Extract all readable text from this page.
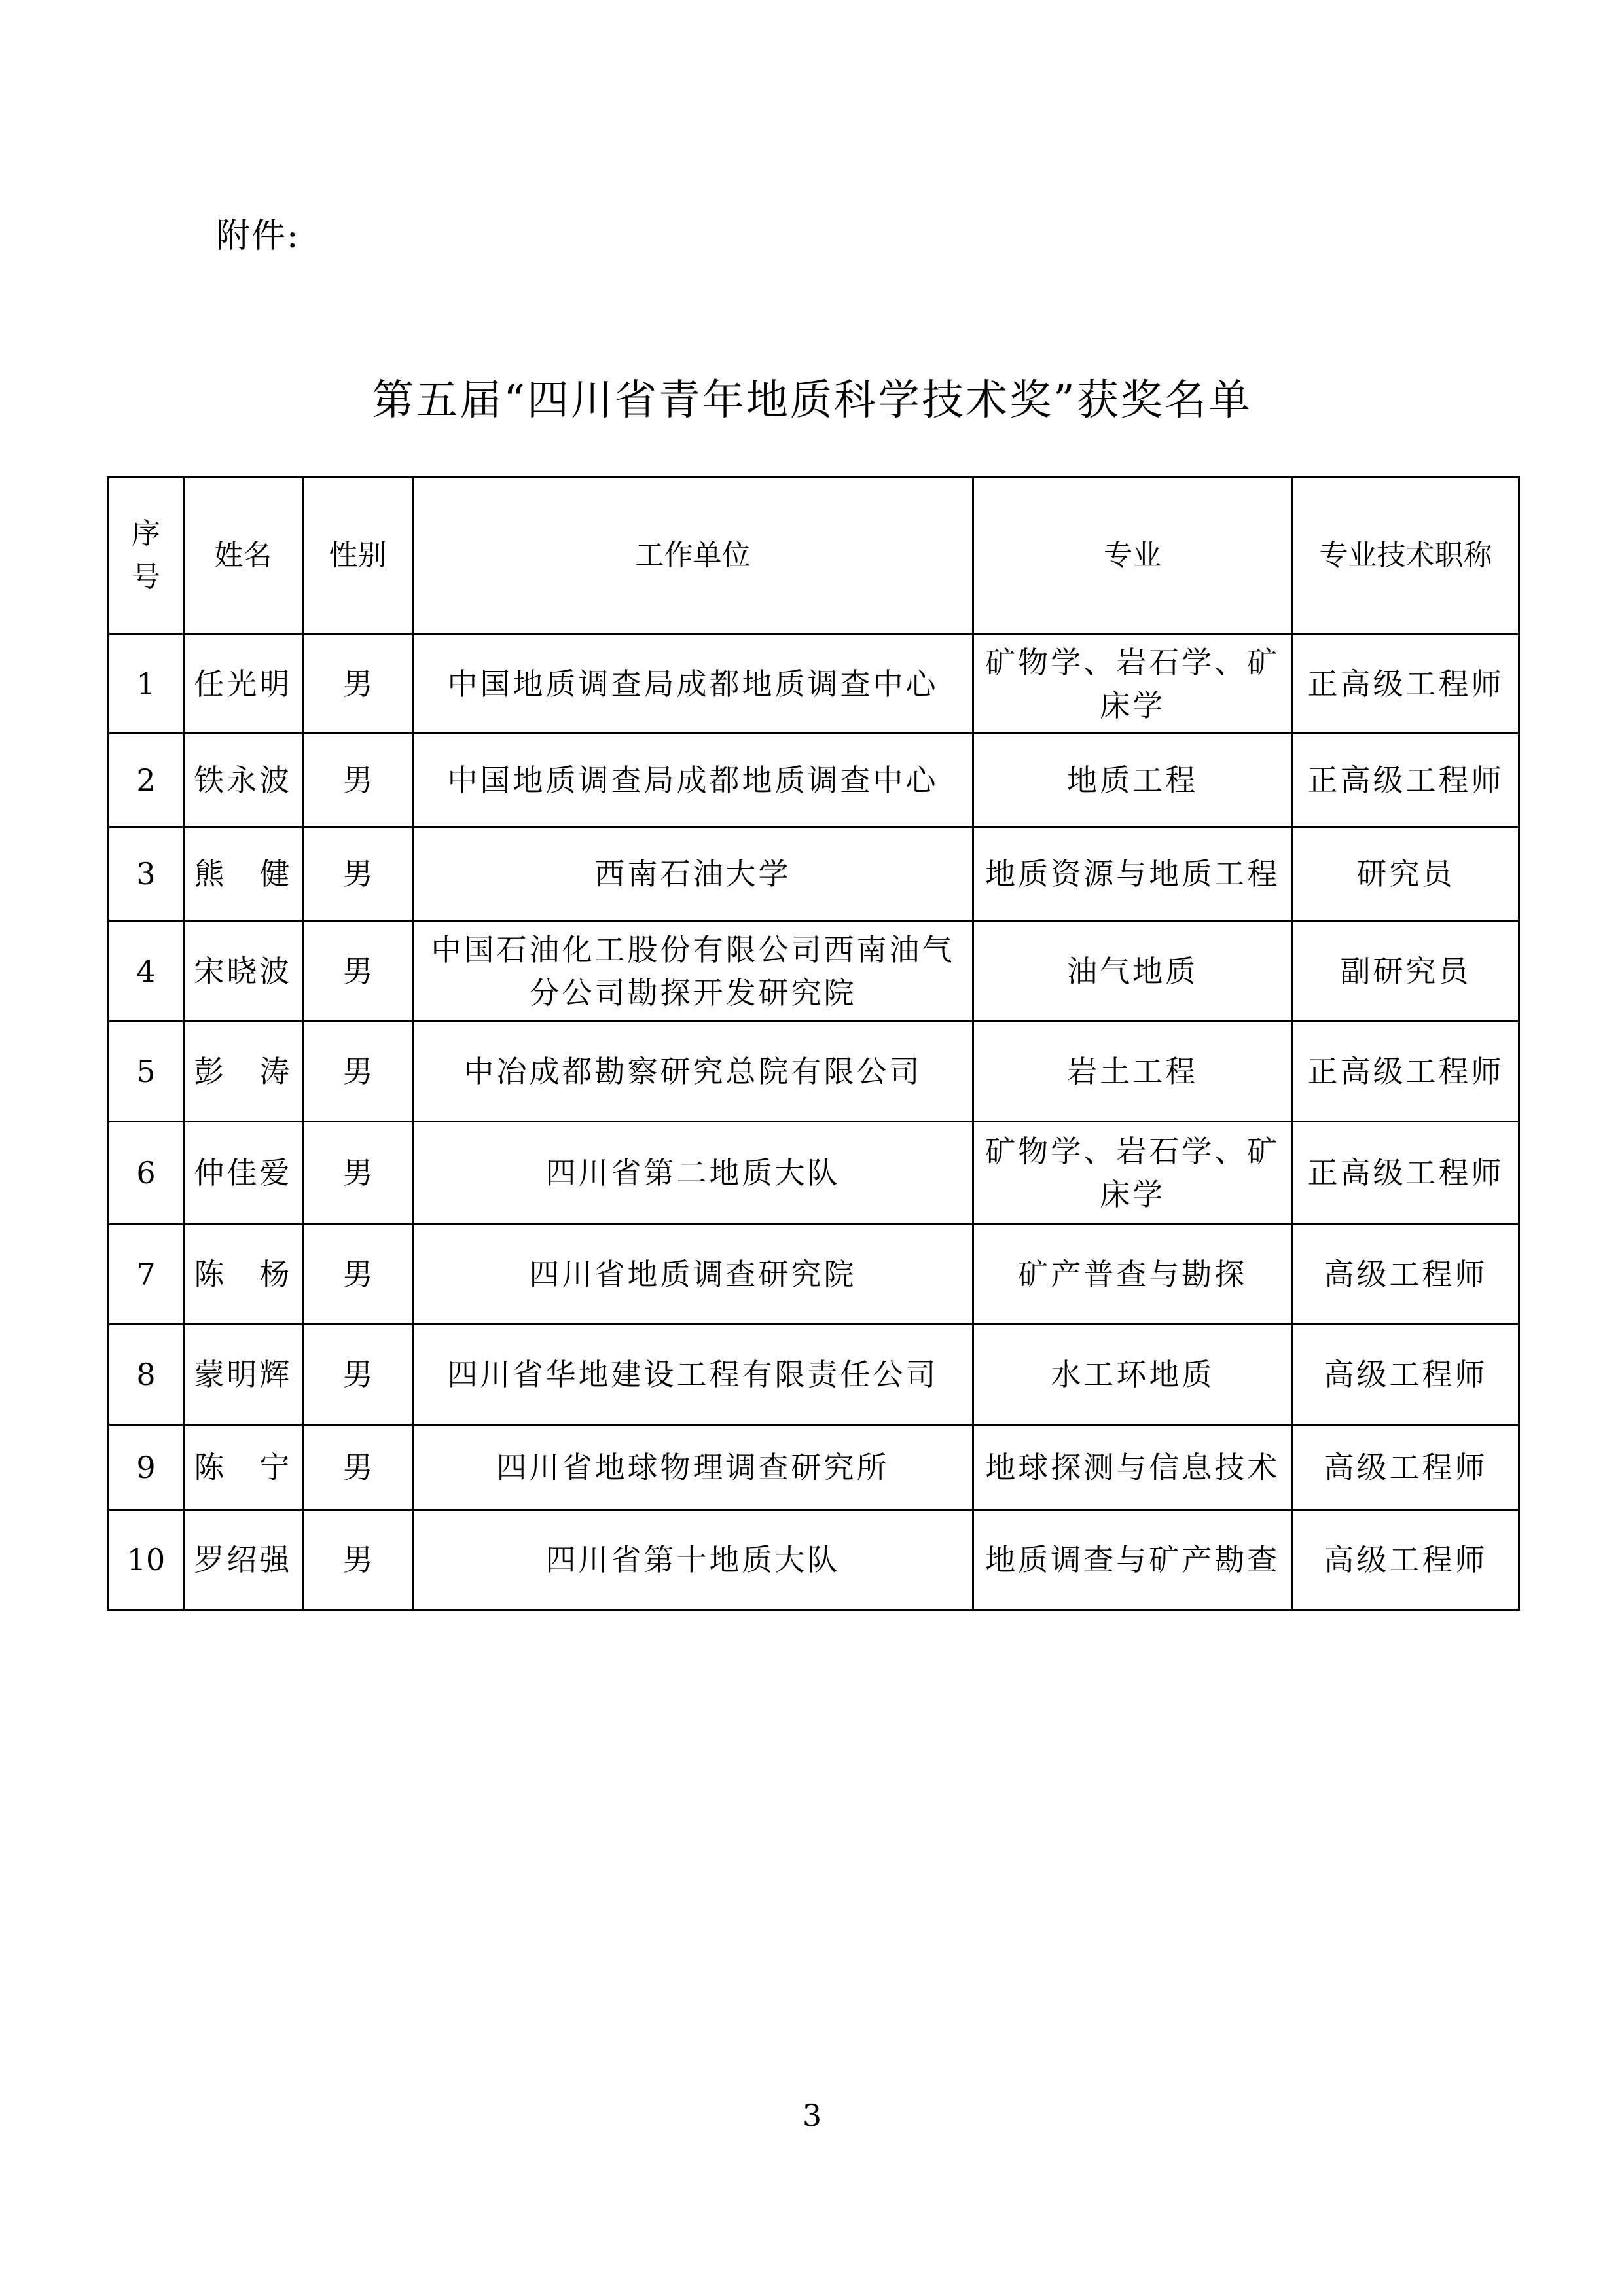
附件:
第五届“四川省青年地质科学技术奖”获奖名单
序号	姓名	性别	工作单位	专业	专业技术职称
1	任光明	男	中国地质调查局成都地质调查中心	矿物学、岩石学、矿床学	正高级工程师
2	铁永波	男	中国地质调查局成都地质调查中心	地质工程	正高级工程师
3	熊　健	男	西南石油大学	地质资源与地质工程	研究员
4	宋晓波	男	中国石油化工股份有限公司西南油气分公司勘探开发研究院	油气地质	副研究员
5	彭　涛	男	中冶成都勘察研究总院有限公司	岩土工程	正高级工程师
6	仲佳爱	男	四川省第二地质大队	矿物学、岩石学、矿床学	正高级工程师
7	陈　杨	男	四川省地质调查研究院	矿产普查与勘探	高级工程师
8	蒙明辉	男	四川省华地建设工程有限责任公司	水工环地质	高级工程师
9	陈　宁	男	四川省地球物理调查研究所	地球探测与信息技术	高级工程师
10	罗绍强	男	四川省第十地质大队	地质调查与矿产勘查	高级工程师
3
